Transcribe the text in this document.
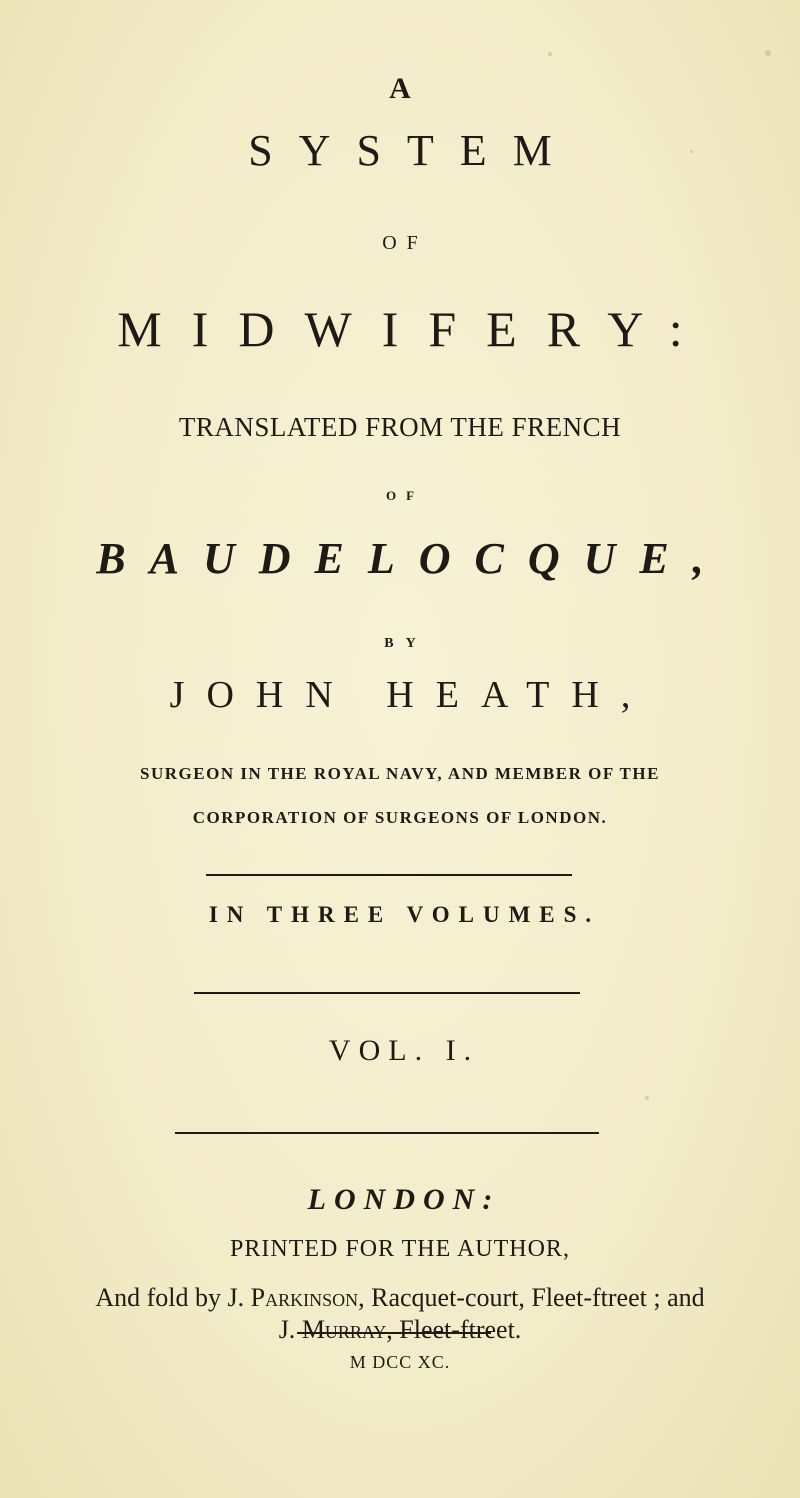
A
SYSTEM
OF
MIDWIFERY:
TRANSLATED FROM THE FRENCH
OF
BAUDELOCQUE,
BY
JOHN HEATH,
SURGEON IN THE ROYAL NAVY, AND MEMBER OF THE
CORPORATION OF SURGEONS OF LONDON.
IN THREE VOLUMES.
VOL. I.
LONDON:
PRINTED FOR THE AUTHOR,
And fold by J. Parkinson, Racquet-court, Fleet-ftreet ; and
J. Murray, Fleet-ftreet.
M DCC XC.
